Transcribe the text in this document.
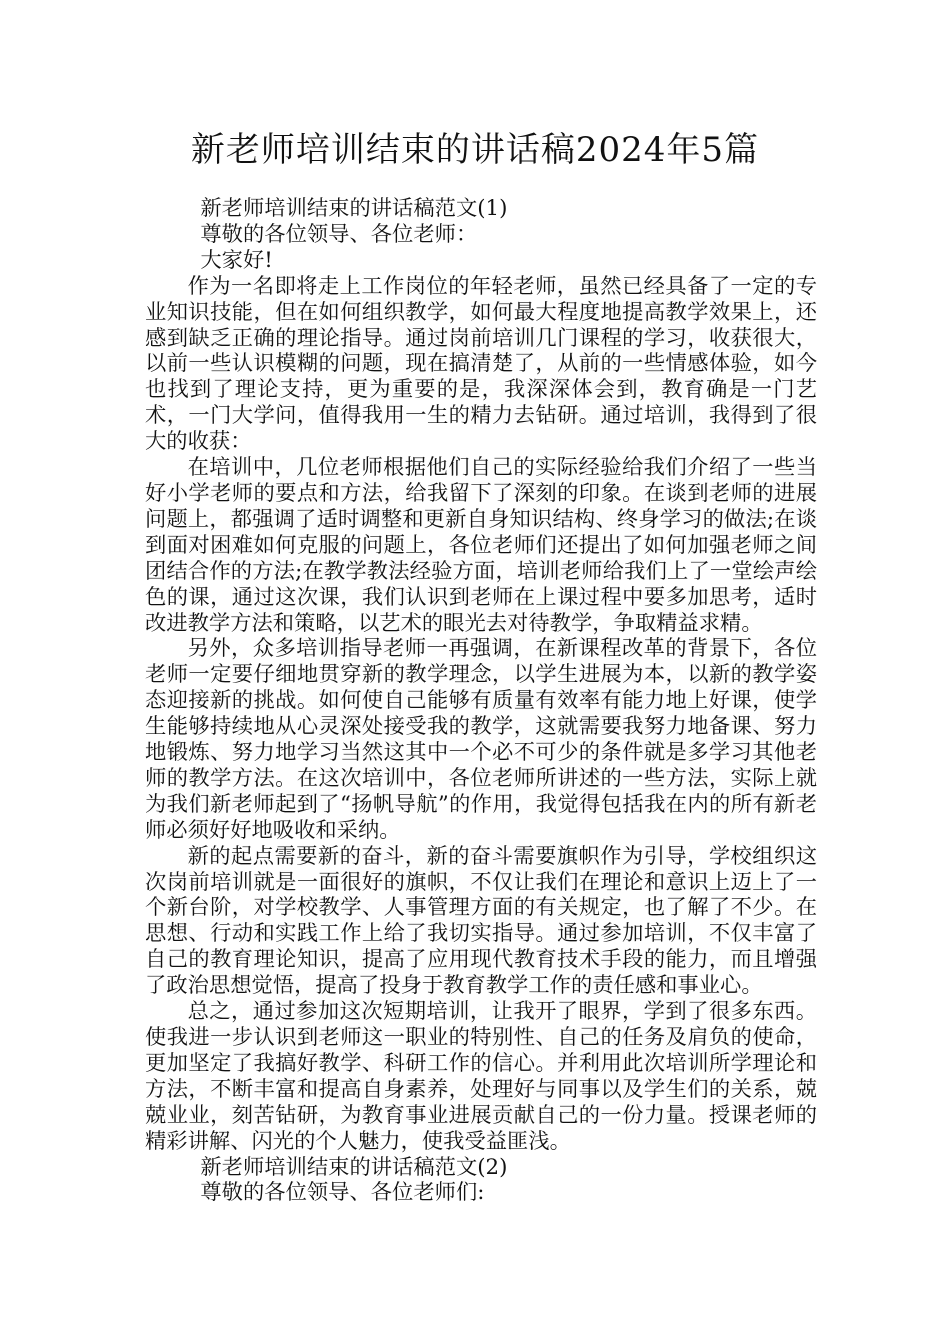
新老师培训结束的讲话稿2024年5篇

新老师培训结束的讲话稿范文(1)

尊敬的各位领导、各位老师：

大家好!

作为一名即将走上工作岗位的年轻老师，虽然已经具备了一定的专业知识技能，但在如何组织教学，如何最大程度地提高教学效果上，还感到缺乏正确的理论指导。通过岗前培训几门课程的学习，收获很大，以前一些认识模糊的问题，现在搞清楚了，从前的一些情感体验，如今也找到了理论支持，更为重要的是，我深深体会到，教育确是一门艺术，一门大学问，值得我用一生的精力去钻研。通过培训，我得到了很大的收获：

在培训中，几位老师根据他们自己的实际经验给我们介绍了一些当好小学老师的要点和方法，给我留下了深刻的印象。在谈到老师的进展问题上，都强调了适时调整和更新自身知识结构、终身学习的做法;在谈到面对困难如何克服的问题上，各位老师们还提出了如何加强老师之间团结合作的方法;在教学教法经验方面，培训老师给我们上了一堂绘声绘色的课，通过这次课，我们认识到老师在上课过程中要多加思考，适时改进教学方法和策略，以艺术的眼光去对待教学，争取精益求精。

另外，众多培训指导老师一再强调，在新课程改革的背景下，各位老师一定要仔细地贯穿新的教学理念，以学生进展为本，以新的教学姿态迎接新的挑战。如何使自己能够有质量有效率有能力地上好课，使学生能够持续地从心灵深处接受我的教学，这就需要我努力地备课、努力地锻炼、努力地学习当然这其中一个必不可少的条件就是多学习其他老师的教学方法。在这次培训中，各位老师所讲述的一些方法，实际上就为我们新老师起到了“扬帆导航”的作用，我觉得包括我在内的所有新老师必须好好地吸收和采纳。

新的起点需要新的奋斗，新的奋斗需要旗帜作为引导，学校组织这次岗前培训就是一面很好的旗帜，不仅让我们在理论和意识上迈上了一个新台阶，对学校教学、人事管理方面的有关规定，也了解了不少。在思想、行动和实践工作上给了我切实指导。通过参加培训，不仅丰富了自己的教育理论知识，提高了应用现代教育技术手段的能力，而且增强了政治思想觉悟，提高了投身于教育教学工作的责任感和事业心。

总之，通过参加这次短期培训，让我开了眼界，学到了很多东西。使我进一步认识到老师这一职业的特别性、自己的任务及肩负的使命，更加坚定了我搞好教学、科研工作的信心。并利用此次培训所学理论和方法，不断丰富和提高自身素养，处理好与同事以及学生们的关系，兢兢业业，刻苦钻研，为教育事业进展贡献自己的一份力量。授课老师的精彩讲解、闪光的个人魅力，使我受益匪浅。

新老师培训结束的讲话稿范文(2)

尊敬的各位领导、各位老师们:
